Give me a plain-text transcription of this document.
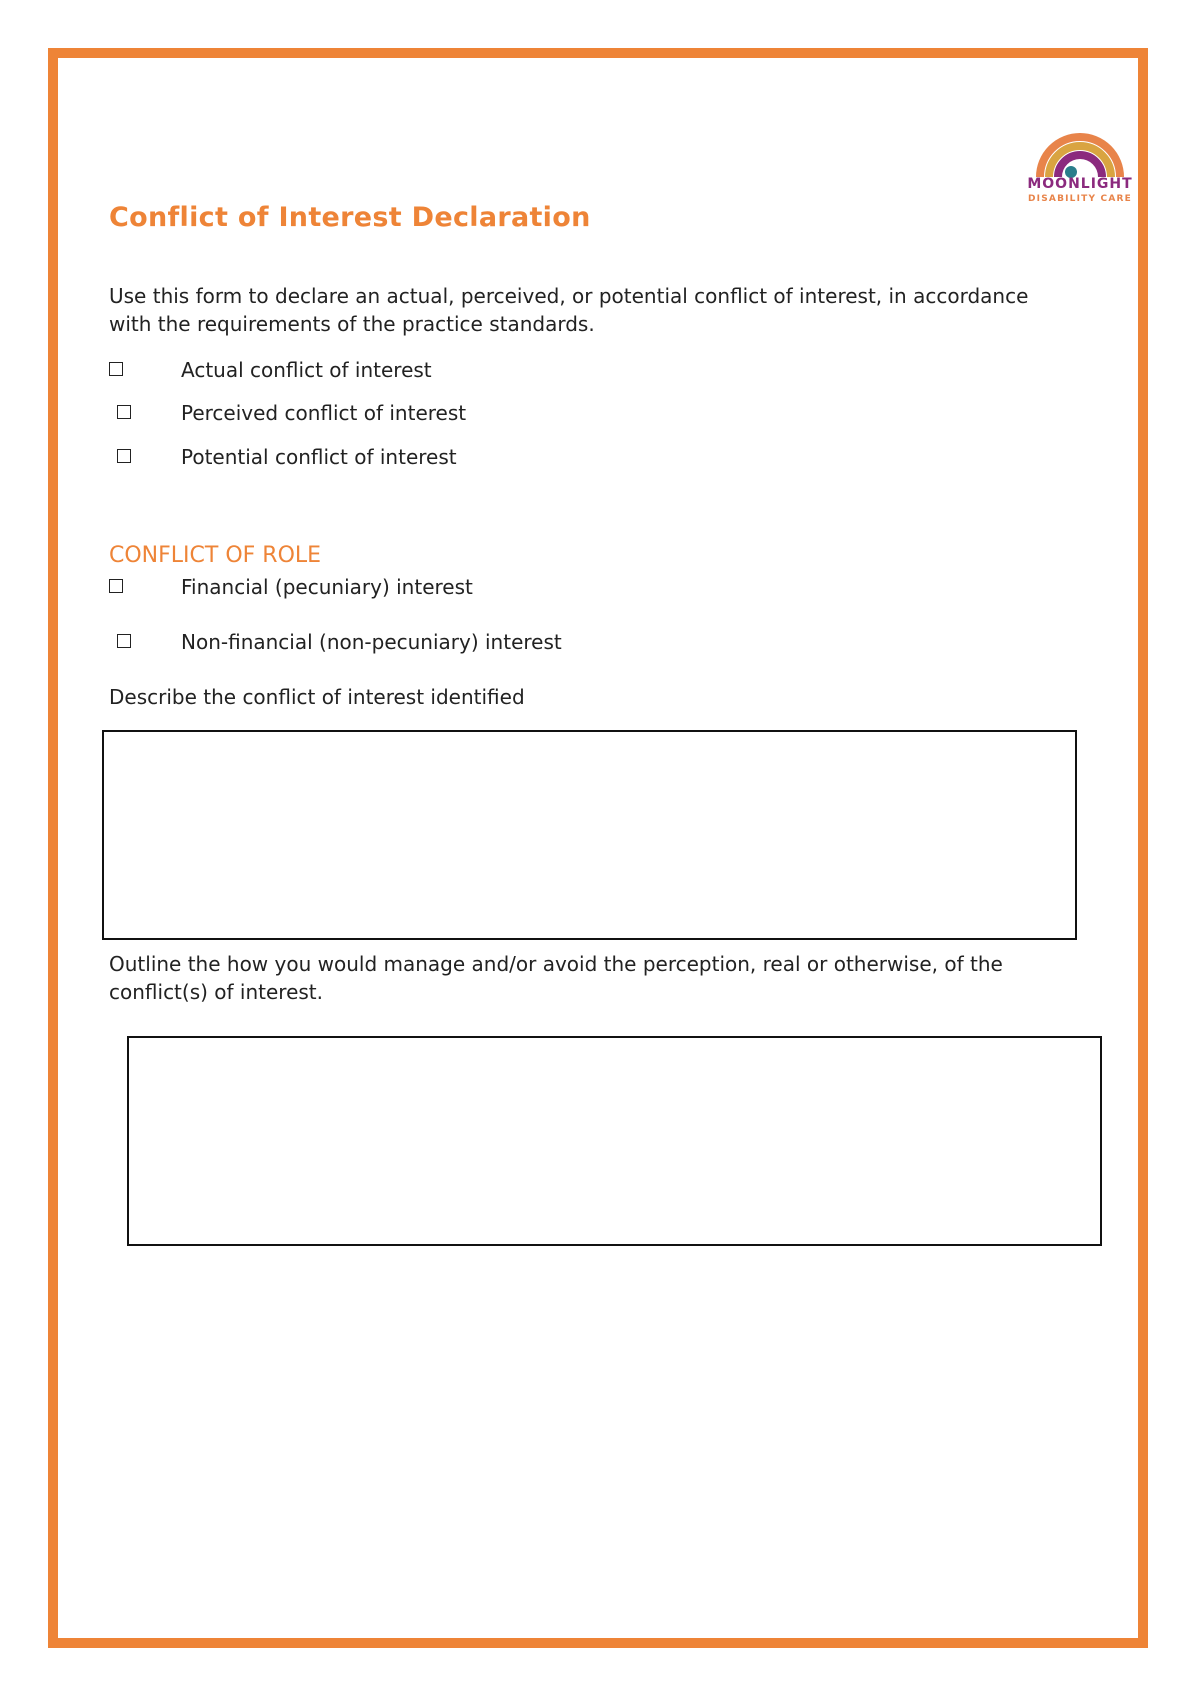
MOONLIGHT
DISABILITY CARE
Conflict of Interest Declaration
Use this form to declare an actual, perceived, or potential conflict of interest, in accordance with the requirements of the practice standards.
Actual conflict of interest
Perceived conflict of interest
Potential conflict of interest
CONFLICT OF ROLE
Financial (pecuniary) interest
Non-financial (non-pecuniary) interest
Describe the conflict of interest identified
Outline the how you would manage and/or avoid the perception, real or otherwise, of the conflict(s) of interest.
